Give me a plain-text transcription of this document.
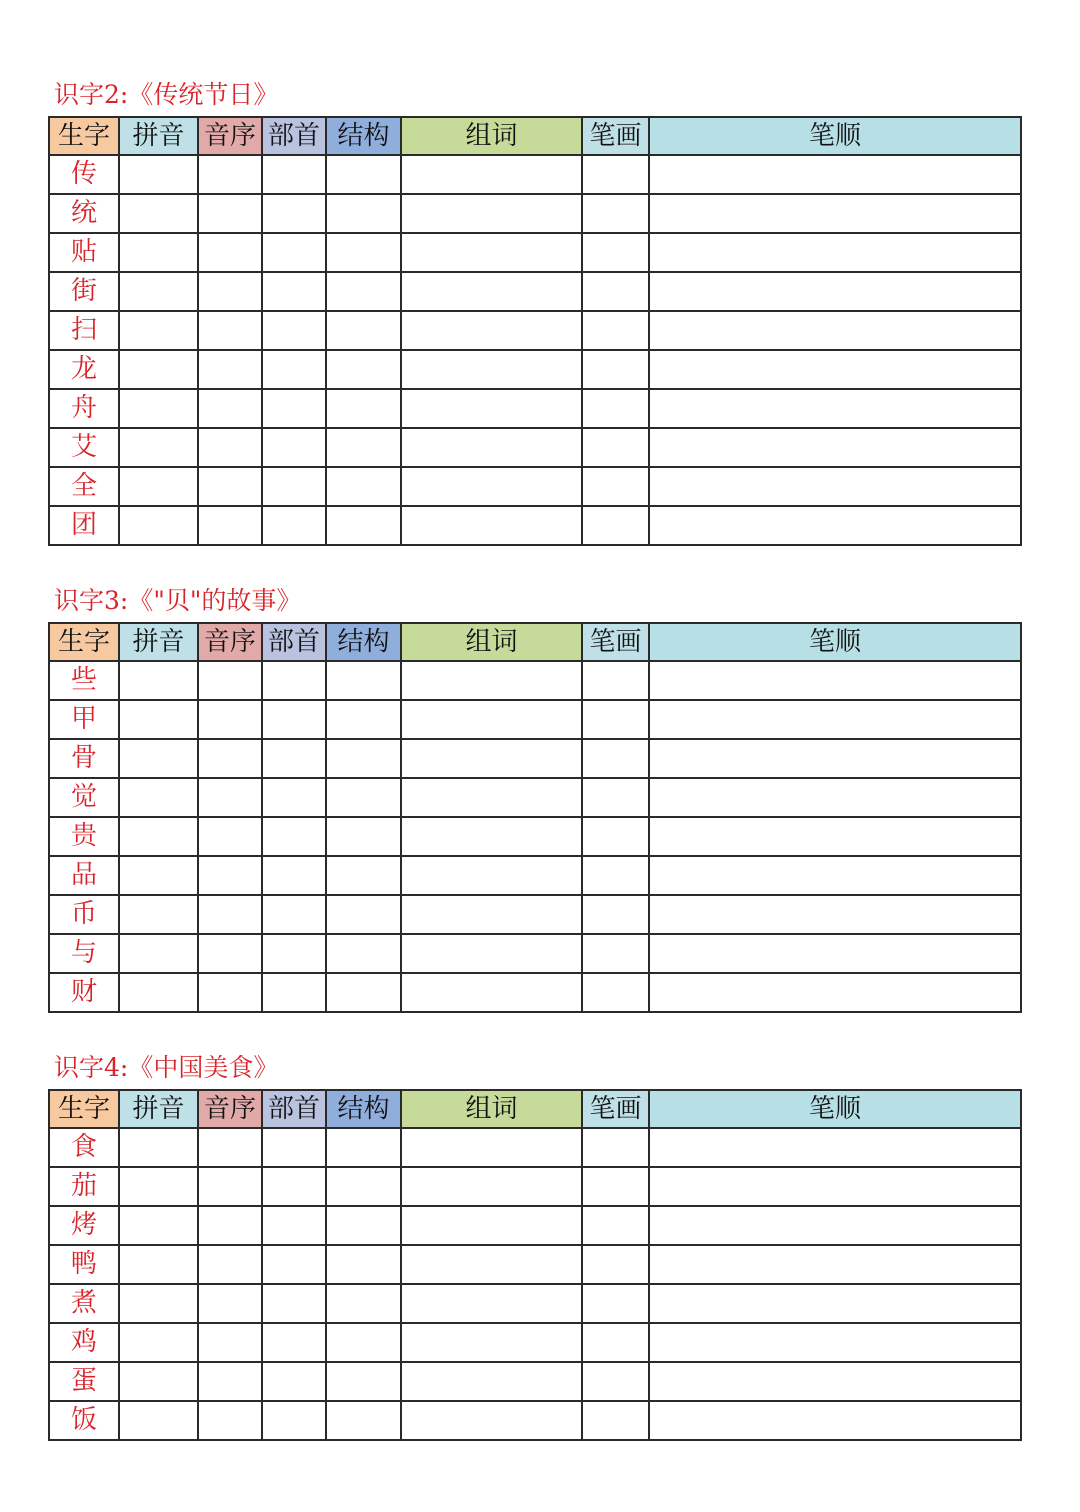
识字2:《传统节日》
生字	拼音	音序	部首	结构	组词	笔画	笔顺
传							
统							
贴							
街							
扫							
龙							
舟							
艾							
全							
团							
识字3:《"贝"的故事》
生字	拼音	音序	部首	结构	组词	笔画	笔顺
些							
甲							
骨							
觉							
贵							
品							
币							
与							
财							
识字4:《中国美食》
生字	拼音	音序	部首	结构	组词	笔画	笔顺
食							
茄							
烤							
鸭							
煮							
鸡							
蛋							
饭							
